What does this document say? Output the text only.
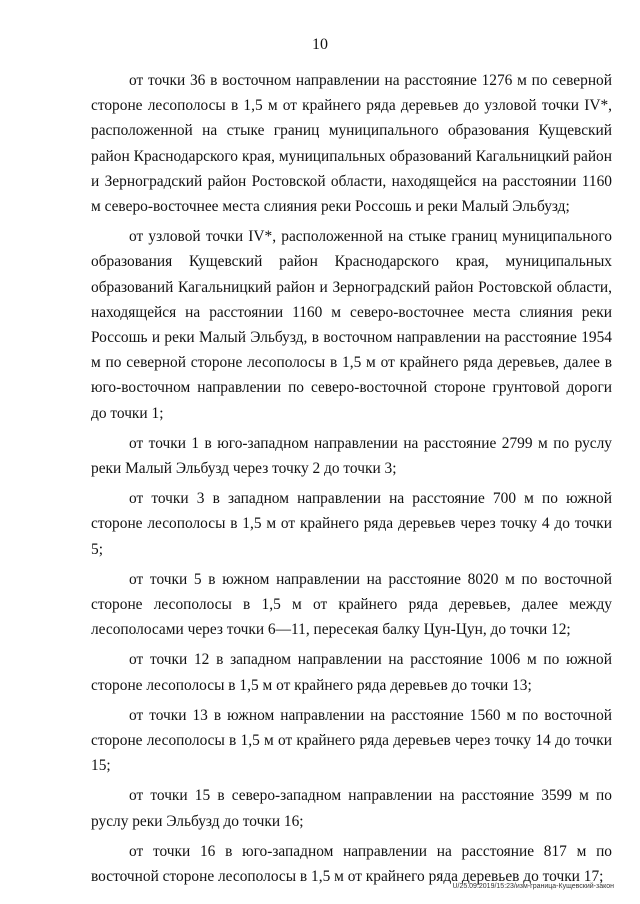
10

от точки 36 в восточном направлении на расстояние 1276 м по северной стороне лесополосы в 1,5 м от крайнего ряда деревьев до узловой точки IV*, расположенной на стыке границ муниципального образования Кущевский район Краснодарского края, муниципальных образований Кагальницкий район и Зерноградский район Ростовской области, находящейся на расстоянии 1160 м северо-восточнее места слияния реки Россошь и реки Малый Эльбузд;

от узловой точки IV*, расположенной на стыке границ муниципального образования Кущевский район Краснодарского края, муниципальных образований Кагальницкий район и Зерноградский район Ростовской области, находящейся на расстоянии 1160 м северо-восточнее места слияния реки Россошь и реки Малый Эльбузд, в восточном направлении на расстояние 1954 м по северной стороне лесополосы в 1,5 м от крайнего ряда деревьев, далее в юго-восточном направлении по северо-восточной стороне грунтовой дороги до точки 1;

от точки 1 в юго-западном направлении на расстояние 2799 м по руслу реки Малый Эльбузд через точку 2 до точки 3;

от точки 3 в западном направлении на расстояние 700 м по южной стороне лесополосы в 1,5 м от крайнего ряда деревьев через точку 4 до точки 5;

от точки 5 в южном направлении на расстояние 8020 м по восточной стороне лесополосы в 1,5 м от крайнего ряда деревьев, далее между лесополосами через точки 6—11, пересекая балку Цун-Цун, до точки 12;

от точки 12 в западном направлении на расстояние 1006 м по южной стороне лесополосы в 1,5 м от крайнего ряда деревьев до точки 13;

от точки 13 в южном направлении на расстояние 1560 м по восточной стороне лесополосы в 1,5 м от крайнего ряда деревьев через точку 14 до точки 15;

от точки 15 в северо-западном направлении на расстояние 3599 м по руслу реки Эльбузд до точки 16;

от точки 16 в юго-западном направлении на расстояние 817 м по восточной стороне лесополосы в 1,5 м от крайнего ряда деревьев до точки 17;

U/25.09.2019/15:23/изм-граница-Кущевский-закон
